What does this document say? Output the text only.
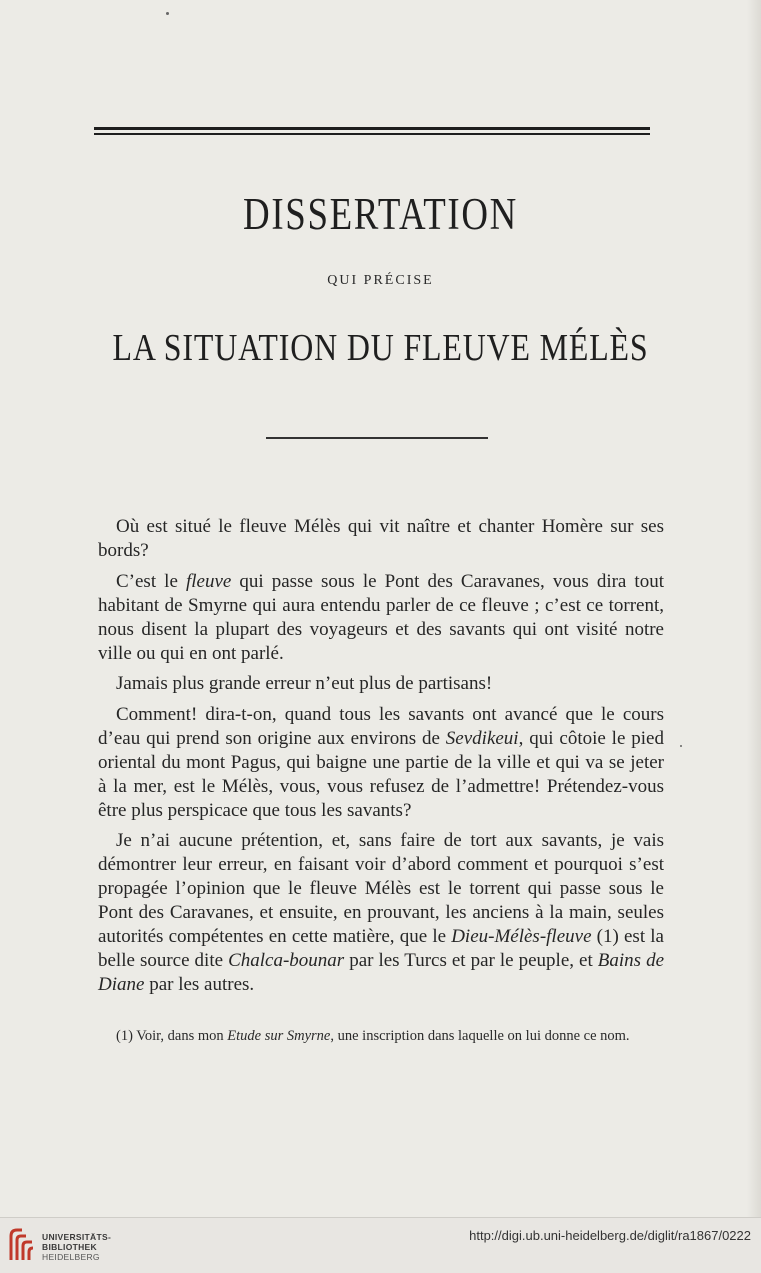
DISSERTATION
QUI PRÉCISE
LA SITUATION DU FLEUVE MÉLÈS

Où est situé le fleuve Mélès qui vit naître et chanter Homère sur ses bords?

C’est le fleuve qui passe sous le Pont des Caravanes, vous dira tout habitant de Smyrne qui aura entendu parler de ce fleuve ; c’est ce torrent, nous disent la plupart des voyageurs et des savants qui ont visité notre ville ou qui en ont parlé.

Jamais plus grande erreur n’eut plus de partisans!

Comment! dira-t-on, quand tous les savants ont avancé que le cours d’eau qui prend son origine aux environs de Sevdikeui, qui côtoie le pied oriental du mont Pagus, qui baigne une partie de la ville et qui va se jeter à la mer, est le Mélès, vous, vous refusez de l’admettre! Prétendez-vous être plus perspicace que tous les savants?

Je n’ai aucune prétention, et, sans faire de tort aux savants, je vais démontrer leur erreur, en faisant voir d’abord comment et pourquoi s’est propagée l’opinion que le fleuve Mélès est le torrent qui passe sous le Pont des Caravanes, et ensuite, en prouvant, les anciens à la main, seules autorités compétentes en cette matière, que le Dieu-Mélès-fleuve (1) est la belle source dite Chalca-bounar par les Turcs et par le peuple, et Bains de Diane par les autres.

(1) Voir, dans mon Etude sur Smyrne, une inscription dans laquelle on lui donne ce nom.
UNIVERSITÄTS-
BIBLIOTHEK
HEIDELBERG
http://digi.ub.uni-heidelberg.de/diglit/ra1867/0222
